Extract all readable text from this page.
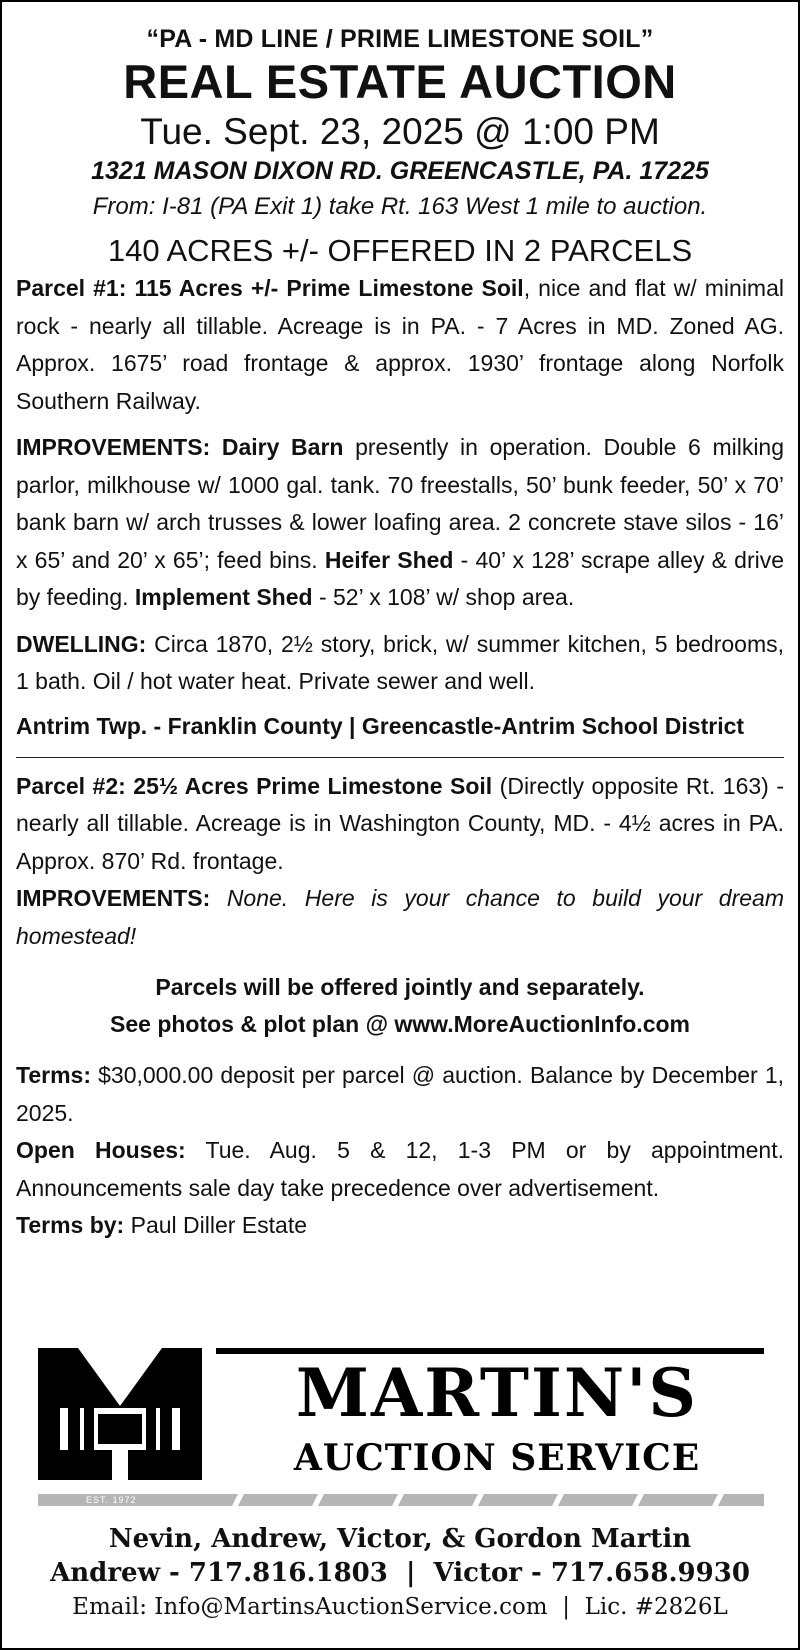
“PA - MD LINE / PRIME LIMESTONE SOIL”
REAL ESTATE AUCTION
Tue. Sept. 23, 2025 @ 1:00 PM
1321 MASON DIXON RD. GREENCASTLE, PA. 17225
From: I-81 (PA Exit 1) take Rt. 163 West 1 mile to auction.
140 ACRES +/- OFFERED IN 2 PARCELS

Parcel #1: 115 Acres +/- Prime Limestone Soil, nice and flat w/ minimal rock - nearly all tillable. Acreage is in PA. - 7 Acres in MD. Zoned AG. Approx. 1675’ road frontage & approx. 1930’ frontage along Norfolk Southern Railway.

IMPROVEMENTS: Dairy Barn presently in operation. Double 6 milking parlor, milkhouse w/ 1000 gal. tank. 70 freestalls, 50’ bunk feeder, 50’ x 70’ bank barn w/ arch trusses & lower loafing area. 2 concrete stave silos - 16’ x 65’ and 20’ x 65’; feed bins. Heifer Shed - 40’ x 128’ scrape alley & drive by feeding. Implement Shed - 52’ x 108’ w/ shop area.

DWELLING: Circa 1870, 2½ story, brick, w/ summer kitchen, 5 bedrooms, 1 bath. Oil / hot water heat. Private sewer and well.

Antrim Twp. - Franklin County | Greencastle-Antrim School District

Parcel #2: 25½ Acres Prime Limestone Soil (Directly opposite Rt. 163) - nearly all tillable. Acreage is in Washington County, MD. - 4½ acres in PA. Approx. 870’ Rd. frontage.

IMPROVEMENTS: None. Here is your chance to build your dream homestead!

Parcels will be offered jointly and separately.
See photos & plot plan @ www.MoreAuctionInfo.com

Terms: $30,000.00 deposit per parcel @ auction. Balance by December 1, 2025.

Open Houses: Tue. Aug. 5 & 12, 1-3 PM or by appointment. Announcements sale day take precedence over advertisement.

Terms by: Paul Diller Estate

MARTIN'S
AUCTION SERVICE
EST. 1972
Nevin, Andrew, Victor, & Gordon Martin
Andrew - 717.816.1803  |  Victor - 717.658.9930
Email: Info@MartinsAuctionService.com  |  Lic. #2826L
